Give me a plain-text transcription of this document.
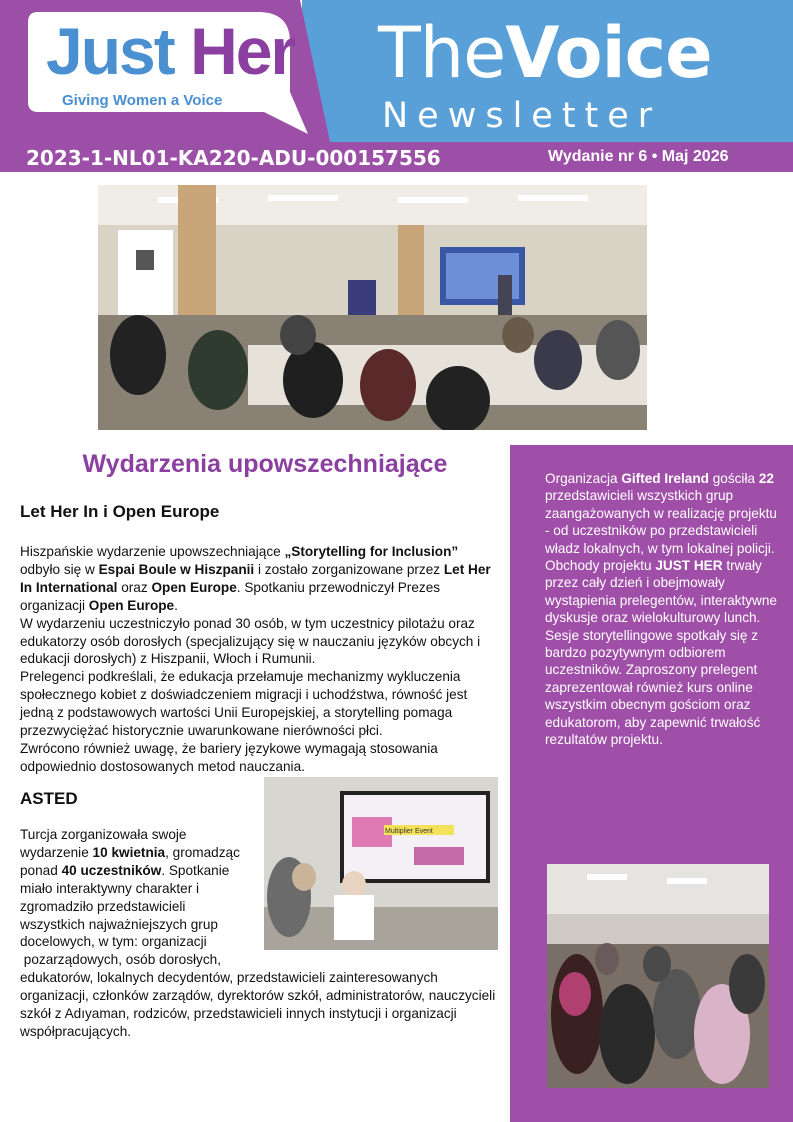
Just Her
Giving Women a Voice
TheVoice
Newsletter
2023-1-NL01-KA220-ADU-000157556	Wydanie nr 6 • Maj 2026
Wydarzenia upowszechniające
Let Her In i Open Europe

Hiszpańskie wydarzenie upowszechniające „Storytelling for Inclusion” odbyło się w Espai Boule w Hiszpanii i zostało zorganizowane przez Let Her In International oraz Open Europe. Spotkaniu przewodniczył Prezes organizacji Open Europe.

W wydarzeniu uczestniczyło ponad 30 osób, w tym uczestnicy pilotażu oraz edukatorzy osób dorosłych (specjalizujący się w nauczaniu języków obcych i edukacji dorosłych) z Hiszpanii, Włoch i Rumunii.

Prelegenci podkreślali, że edukacja przełamuje mechanizmy wykluczenia społecznego kobiet z doświadczeniem migracji i uchodźstwa, równość jest jedną z podstawowych wartości Unii Europejskiej, a storytelling pomaga przezwyciężać historycznie uwarunkowane nierówności płci.

Zwrócono również uwagę, że bariery językowe wymagają stosowania odpowiednio dostosowanych metod nauczania.

ASTED
Multiplier Event

Turcja zorganizowała swoje

wydarzenie 10 kwietnia, gromadząc

ponad 40 uczestników. Spotkanie

miało interaktywny charakter i

zgromadziło przedstawicieli

wszystkich najważniejszych grup

docelowych, w tym: organizacji

pozarządowych, osób dorosłych,

edukatorów, lokalnych decydentów, przedstawicieli zainteresowanych organizacji, członków zarządów, dyrektorów szkół, administratorów, nauczycieli szkół z Adıyaman, rodziców, przedstawicieli innych instytucji i organizacji współpracujących.

Organizacja Gifted Ireland gościła 22 przedstawicieli wszystkich grup zaangażowanych w realizację projektu - od uczestników po przedstawicieli władz lokalnych, w tym lokalnej policji.

Obchody projektu JUST HER trwały przez cały dzień i obejmowały wystąpienia prelegentów, interaktywne dyskusje oraz wielokulturowy lunch.

Sesje storytellingowe spotkały się z bardzo pozytywnym odbiorem uczestników. Zaproszony prelegent zaprezentował również kurs online wszystkim obecnym gościom oraz edukatorom, aby zapewnić trwałość rezultatów projektu.
